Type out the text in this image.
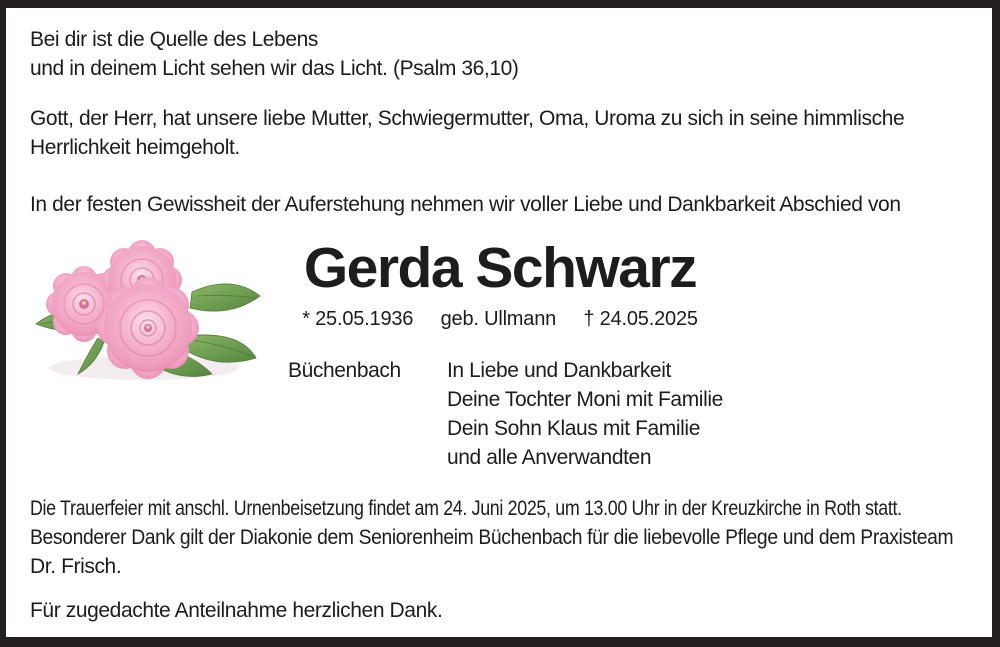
Bei dir ist die Quelle des Lebens
und in deinem Licht sehen wir das Licht. (Psalm 36,10)
Gott, der Herr, hat unsere liebe Mutter, Schwiegermutter, Oma, Uroma zu sich in seine himmlische
Herrlichkeit heimgeholt.
In der festen Gewissheit der Auferstehung nehmen wir voller Liebe und Dankbarkeit Abschied von
Gerda Schwarz
* 25.05.1936 geb. Ullmann † 24.05.2025
Büchenbach In Liebe und Dankbarkeit
Deine Tochter Moni mit Familie
Dein Sohn Klaus mit Familie
und alle Anverwandten
Die Trauerfeier mit anschl. Urnenbeisetzung findet am 24. Juni 2025, um 13.00 Uhr in der Kreuzkirche in Roth statt.
Besonderer Dank gilt der Diakonie dem Seniorenheim Büchenbach für die liebevolle Pflege und dem Praxisteam
Dr. Frisch.
Für zugedachte Anteilnahme herzlichen Dank.
